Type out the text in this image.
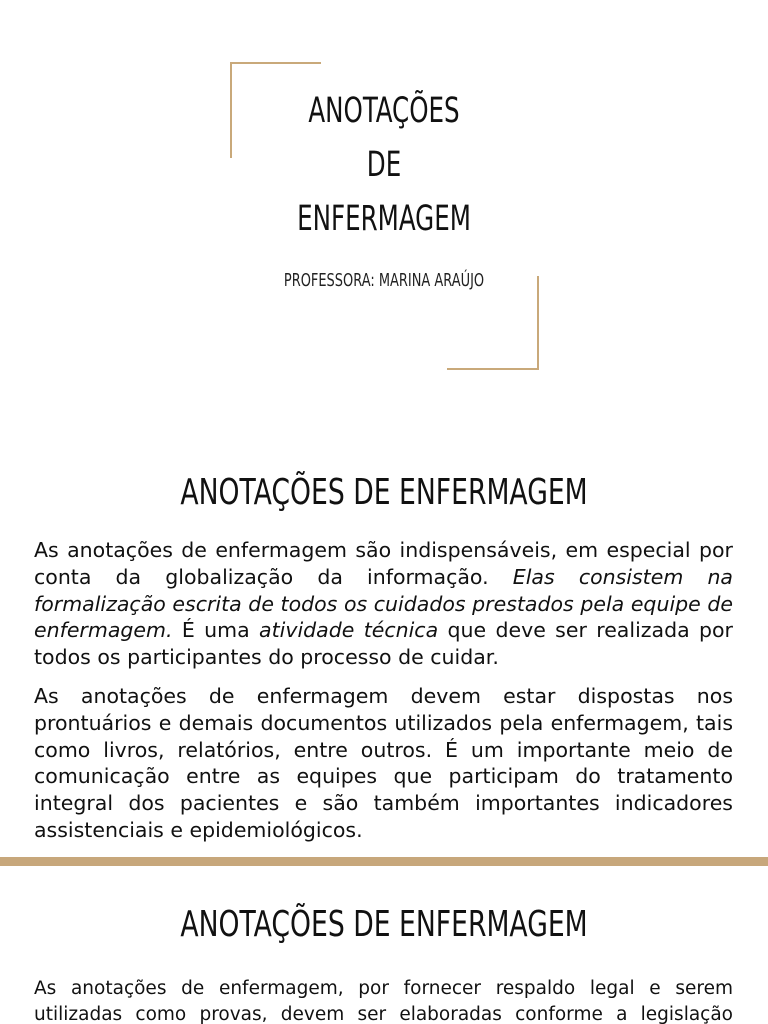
ANOTAÇÕES
DE
ENFERMAGEM
PROFESSORA: MARINA ARAÚJO
ANOTAÇÕES DE ENFERMAGEM

As anotações de enfermagem são indispensáveis, em especial por conta da globalização da informação. Elas consistem na formalização escrita de todos os cuidados prestados pela equipe de enfermagem. É uma atividade técnica que deve ser realizada por todos os participantes do processo de cuidar.

As anotações de enfermagem devem estar dispostas nos prontuários e demais documentos utilizados pela enfermagem, tais como livros, relatórios, entre outros. É um importante meio de comunicação entre as equipes que participam do tratamento integral dos pacientes e são também importantes indicadores assistenciais e epidemiológicos.

ANOTAÇÕES DE ENFERMAGEM
As anotações de enfermagem, por fornecer respaldo legal e serem utilizadas como provas, devem ser elaboradas conforme a legislação
